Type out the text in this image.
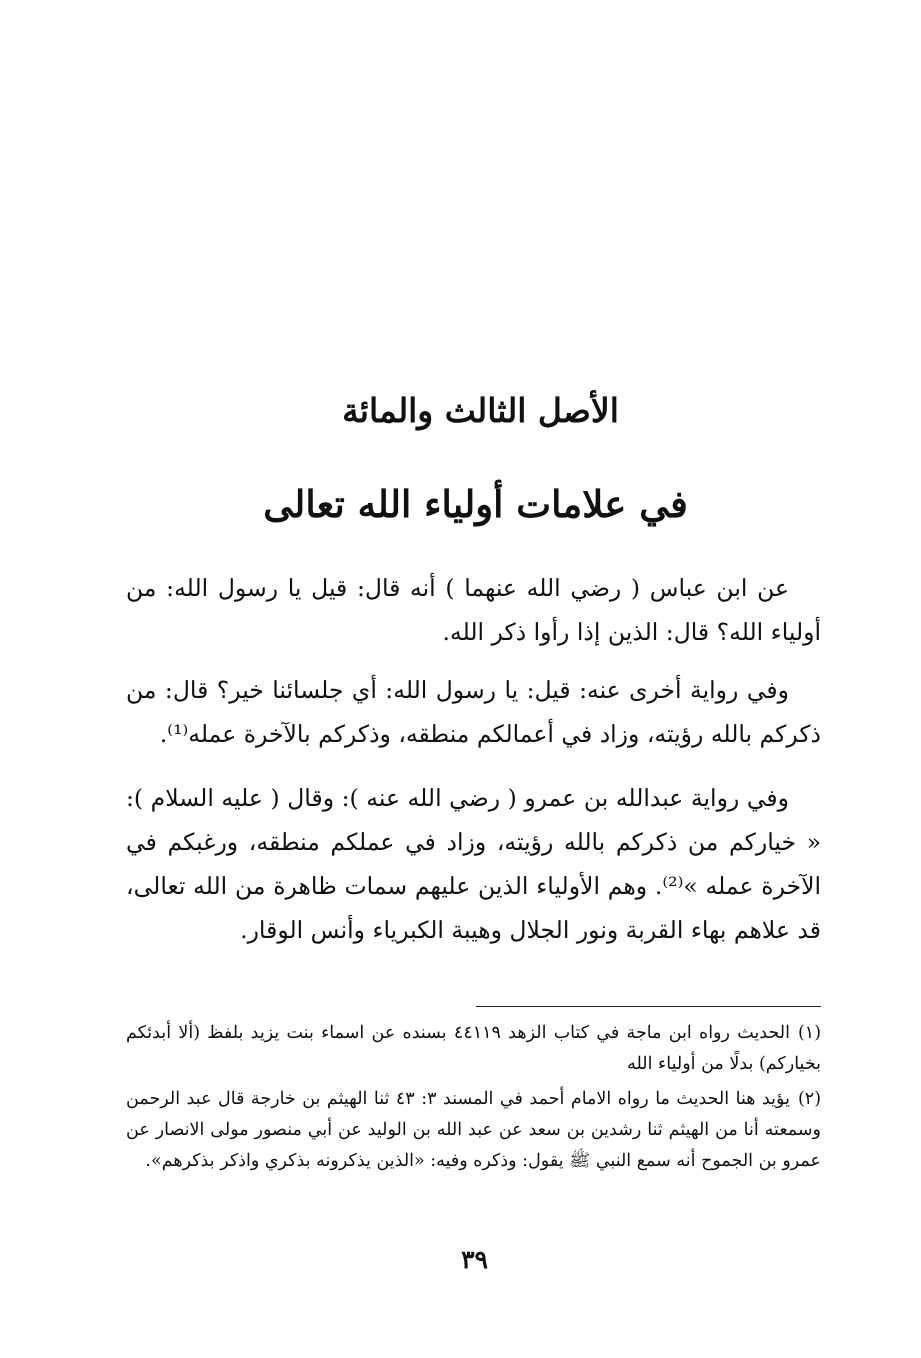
الأصل الثالث والمائة
في علامات أولياء الله تعالى

عن ابن عباس ( رضي الله عنهما ) أنه قال: قيل يا رسول الله: من أولياء الله؟ قال: الذين إذا رأوا ذكر الله.

وفي رواية أخرى عنه: قيل: يا رسول الله: أي جلسائنا خير؟ قال: من ذكركم بالله رؤيته، وزاد في أعمالكم منطقه، وذكركم بالآخرة عمله⁽¹⁾.

وفي رواية عبدالله بن عمرو ( رضي الله عنه ): وقال ( عليه السلام ): « خياركم من ذكركم بالله رؤيته، وزاد في عملكم منطقه، ورغبكم في الآخرة عمله »⁽²⁾. وهم الأولياء الذين عليهم سمات ظاهرة من الله تعالى، قد علاهم بهاء القربة ونور الجلال وهيبة الكبرياء وأنس الوقار.

(١)الحديث رواه ابن ماجة في كتاب الزهد ٤٤١١٩ بسنده عن اسماء بنت يزيد بلفظ (ألا أبدئكم بخياركم) بدلًا من أولياء الله

(٢)يؤيد هنا الحديث ما رواه الامام أحمد في المسند ٣: ٤٣ ثنا الهيثم بن خارجة قال عبد الرحمن وسمعته أنا من الهيثم ثنا رشدين بن سعد عن عبد الله بن الوليد عن أبي منصور مولى الانصار عن عمرو بن الجموح أنه سمع النبي ﷺ يقول: وذكره وفيه: «الذين يذكرونه بذكري واذكر بذكرهم».

٣٩
